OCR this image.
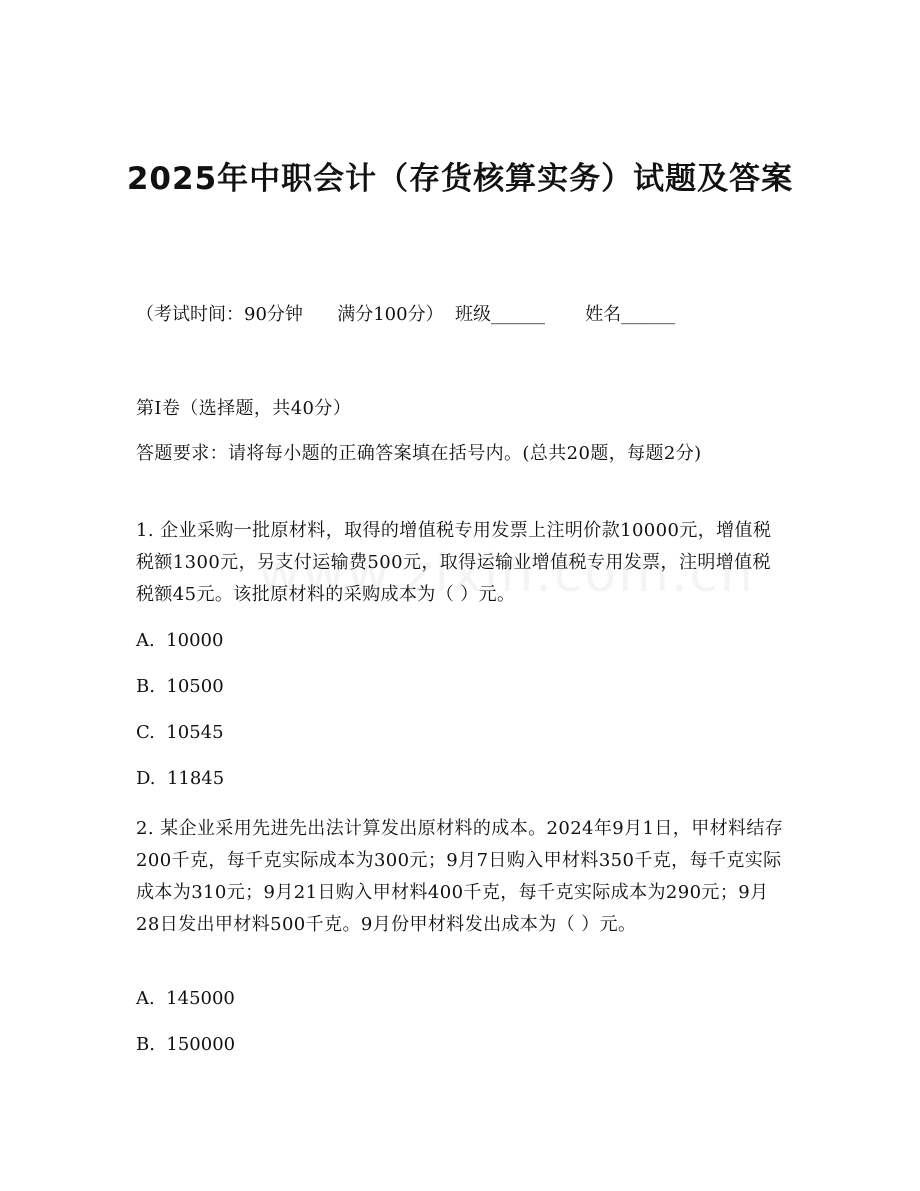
2025年中职会计（存货核算实务）试题及答案
（考试时间：90分钟      满分100分）  班级______       姓名______
第I卷（选择题，共40分）
答题要求：请将每小题的正确答案填在括号内。(总共20题，每题2分)
1. 企业采购一批原材料，取得的增值税专用发票上注明价款10000元，增值税税额1300元，另支付运输费500元，取得运输业增值税专用发票，注明增值税税额45元。该批原材料的采购成本为（ ）元。
A.  10000
B.  10500
C.  10545
D.  11845
2. 某企业采用先进先出法计算发出原材料的成本。2024年9月1日，甲材料结存200千克，每千克实际成本为300元；9月7日购入甲材料350千克，每千克实际成本为310元；9月21日购入甲材料400千克，每千克实际成本为290元；9月28日发出甲材料500千克。9月份甲材料发出成本为（ ）元。
A.  145000
B.  150000
